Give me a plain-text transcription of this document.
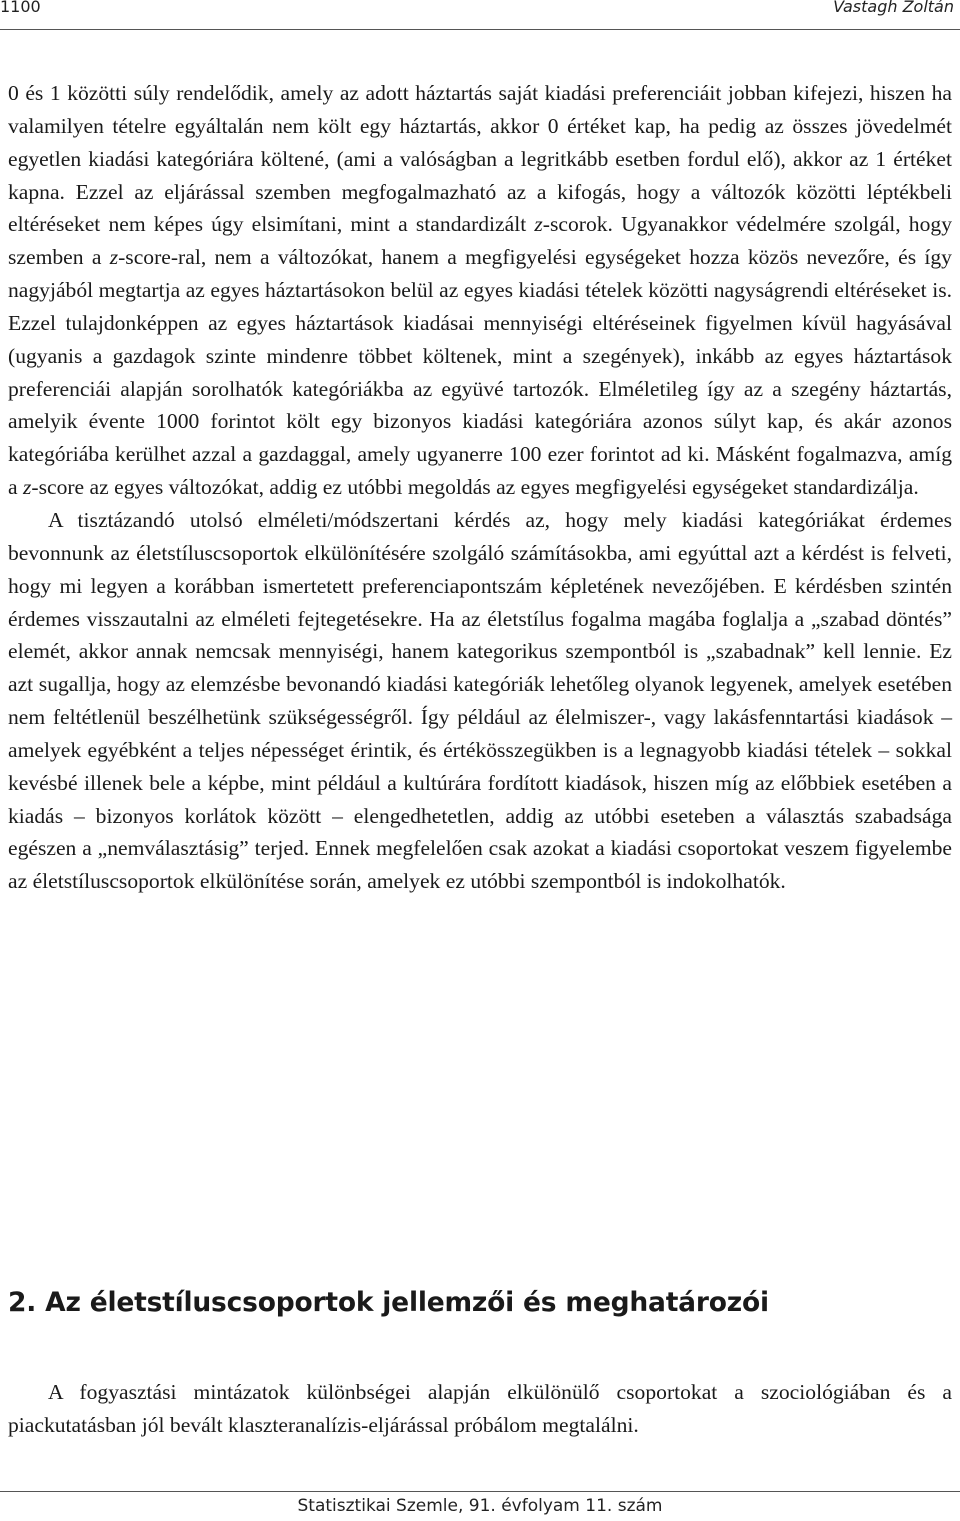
1100	Vastagh Zoltán

0 és 1 közötti súly rendelődik, amely az adott háztartás saját kiadási preferenciáit jobban kifejezi, hiszen ha valamilyen tételre egyáltalán nem költ egy háztartás, akkor 0 értéket kap, ha pedig az összes jövedelmét egyetlen kiadási kategóriára költené, (ami a valóságban a legritkább esetben fordul elő), akkor az 1 értéket kapna. Ezzel az eljárással szemben megfogalmazható az a kifogás, hogy a változók közötti léptékbeli eltéréseket nem képes úgy elsimítani, mint a standardizált z-scorok. Ugyanakkor védelmére szolgál, hogy szemben a z-score-ral, nem a változókat, hanem a megfigyelési egységeket hozza közös nevezőre, és így nagyjából megtartja az egyes háztartásokon belül az egyes kiadási tételek közötti nagyságrendi eltéréseket is. Ezzel tulajdonképpen az egyes háztartások kiadásai mennyiségi eltéréseinek figyelmen kívül hagyásával (ugyanis a gazdagok szinte mindenre többet költenek, mint a szegények), inkább az egyes háztartások preferenciái alapján sorolhatók kategóriákba az együvé tartozók. Elméletileg így az a szegény háztartás, amelyik évente 1000 forintot költ egy bizonyos kiadási kategóriára azonos súlyt kap, és akár azonos kategóriába kerülhet azzal a gazdaggal, amely ugyanerre 100 ezer forintot ad ki. Másként fogalmazva, amíg a z-score az egyes változókat, addig ez utóbbi megoldás az egyes megfigyelési egységeket standardizálja.

A tisztázandó utolsó elméleti/módszertani kérdés az, hogy mely kiadási kategóriákat érdemes bevonnunk az életstíluscsoportok elkülönítésére szolgáló számításokba, ami egyúttal azt a kérdést is felveti, hogy mi legyen a korábban ismertetett preferenciapontszám képletének nevezőjében. E kérdésben szintén érdemes visszautalni az elméleti fejtegetésekre. Ha az életstílus fogalma magába foglalja a „szabad döntés” elemét, akkor annak nemcsak mennyiségi, hanem kategorikus szempontból is „szabadnak” kell lennie. Ez azt sugallja, hogy az elemzésbe bevonandó kiadási kategóriák lehetőleg olyanok legyenek, amelyek esetében nem feltétlenül beszélhetünk szükségességről. Így például az élelmiszer-, vagy lakásfenntartási kiadások – amelyek egyébként a teljes népességet érintik, és értékösszegükben is a legnagyobb kiadási tételek – sokkal kevésbé illenek bele a képbe, mint például a kultúrára fordított kiadások, hiszen míg az előbbiek esetében a kiadás – bizonyos korlátok között – elengedhetetlen, addig az utóbbi eseteben a választás szabadsága egészen a „nemválasztásig” terjed. Ennek megfelelően csak azokat a kiadási csoportokat veszem figyelembe az életstíluscsoportok elkülönítése során, amelyek ez utóbbi szempontból is indokolhatók.

2. Az életstíluscsoportok jellemzői és meghatározói

A fogyasztási mintázatok különbségei alapján elkülönülő csoportokat a szociológiában és a piackutatásban jól bevált klaszteranalízis-eljárással próbálom megtalálni.

Statisztikai Szemle, 91. évfolyam 11. szám
